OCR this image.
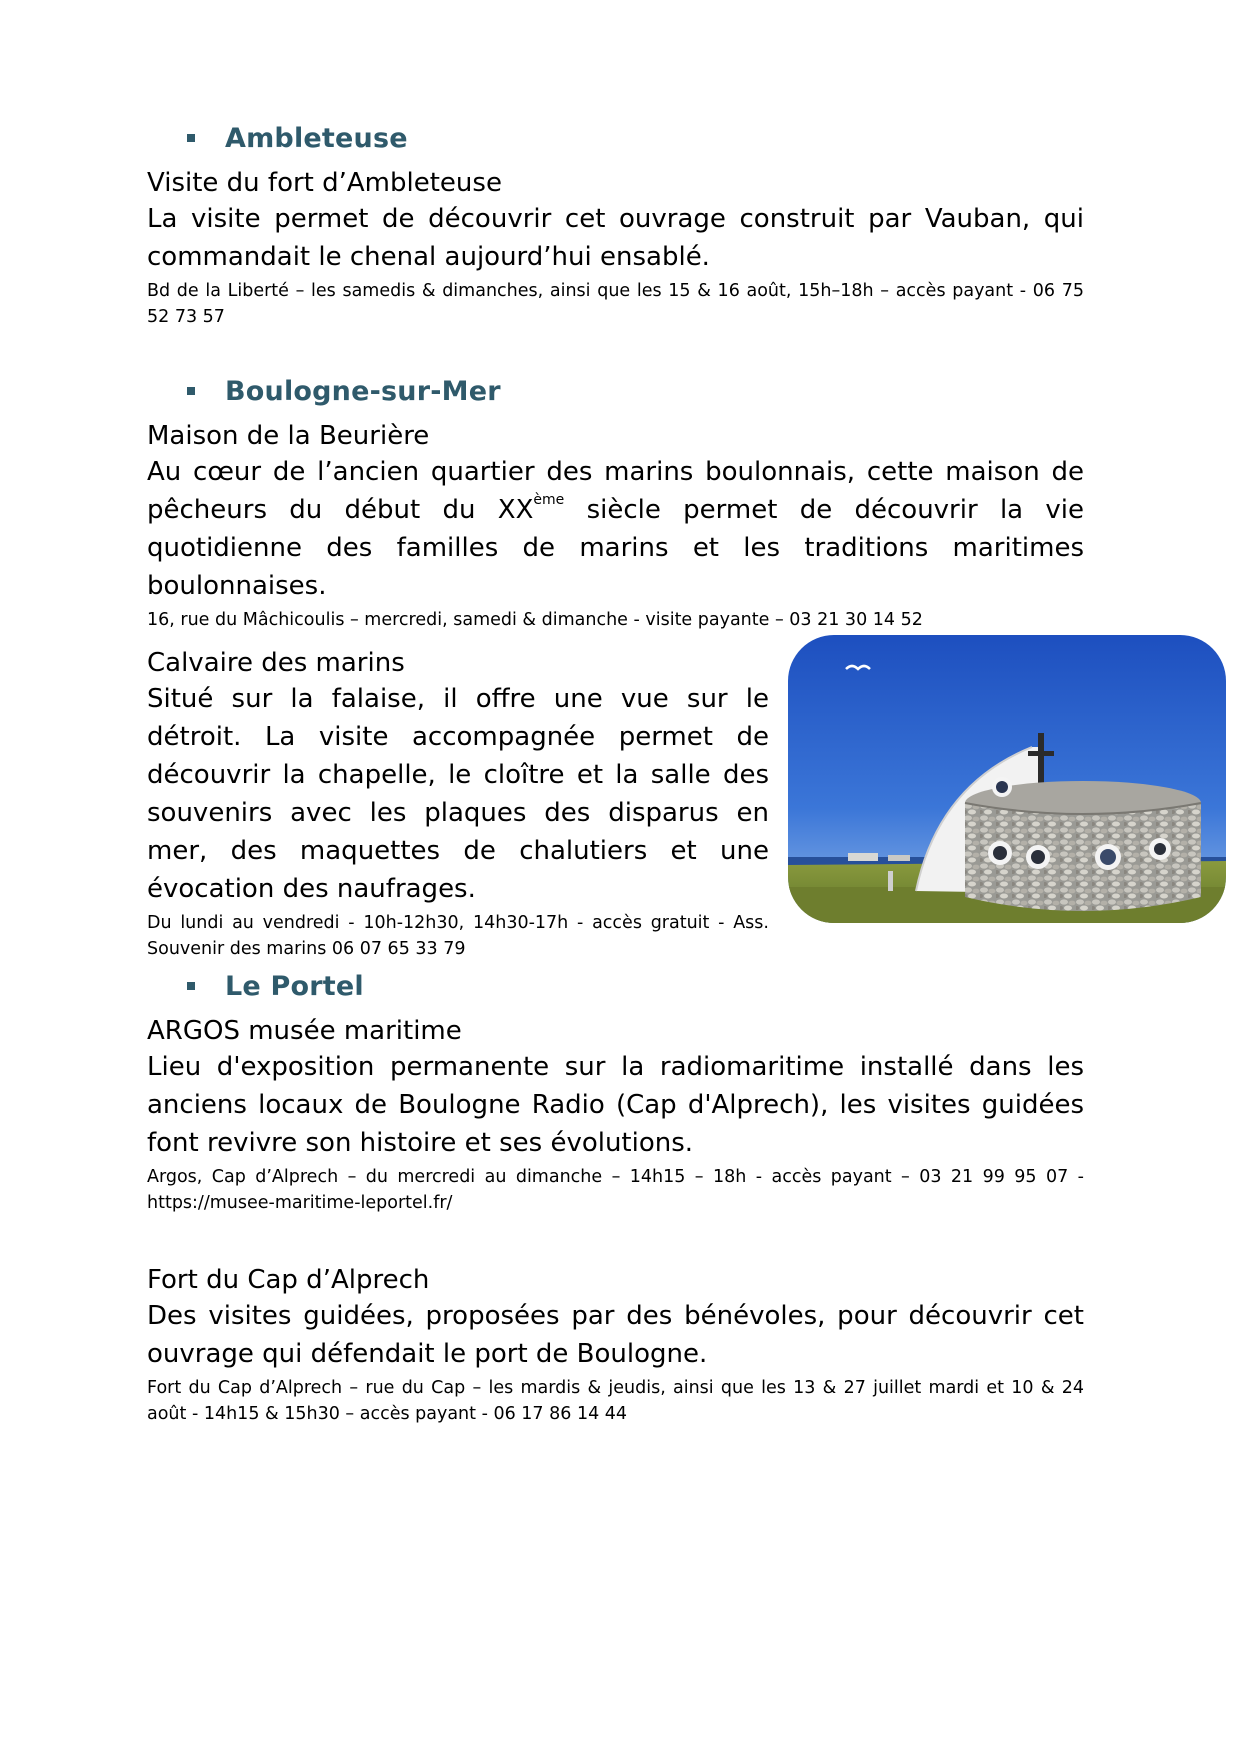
Ambleteuse

Visite du fort d’Ambleteuse

La visite permet de découvrir cet ouvrage construit par Vauban, qui commandait le chenal aujourd’hui ensablé.

Bd de la Liberté – les samedis & dimanches, ainsi que les 15 & 16 août, 15h–18h – accès payant - 06 75 52 73 57

Boulogne-sur-Mer

Maison de la Beurière

Au cœur de l’ancien quartier des marins boulonnais, cette maison de pêcheurs du début du XXème siècle permet de découvrir la vie quotidienne des familles de marins et les traditions maritimes boulonnaises.

16, rue du Mâchicoulis – mercredi, samedi & dimanche - visite payante – 03 21 30 14 52

Calvaire des marins

Situé sur la falaise, il offre une vue sur le détroit. La visite accompagnée permet de découvrir la chapelle, le cloître et la salle des souvenirs avec les plaques des disparus en mer, des maquettes de chalutiers et une évocation des naufrages.

Du lundi au vendredi - 10h-12h30, 14h30-17h - accès gratuit - Ass. Souvenir des marins 06 07 65 33 79

Le Portel

ARGOS musée maritime

Lieu d'exposition permanente sur la radiomaritime installé dans les anciens locaux de Boulogne Radio (Cap d'Alprech), les visites guidées font revivre son histoire et ses évolutions.

Argos, Cap d’Alprech – du mercredi au dimanche – 14h15 – 18h - accès payant – 03 21 99 95 07 - https://musee-maritime-leportel.fr/

Fort du Cap d’Alprech

Des visites guidées, proposées par des bénévoles, pour découvrir cet ouvrage qui défendait le port de Boulogne.

Fort du Cap d’Alprech – rue du Cap – les mardis & jeudis, ainsi que les 13 & 27 juillet mardi et 10 & 24 août - 14h15 & 15h30 – accès payant - 06 17 86 14 44
